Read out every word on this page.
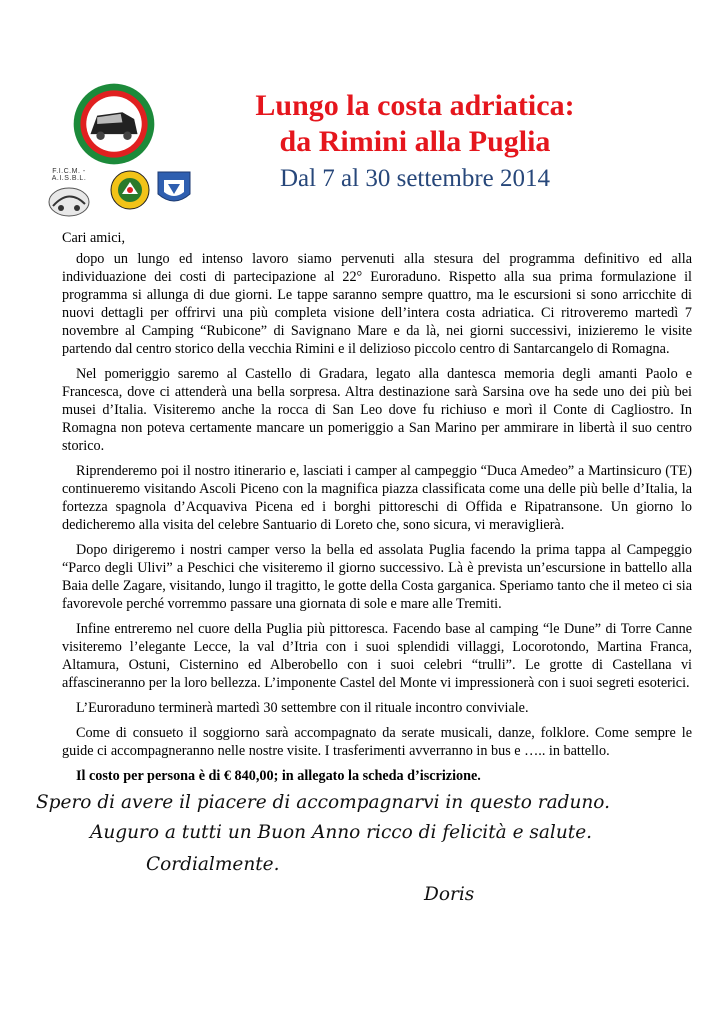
F.I.C.M. - A.I.S.B.L.
Lungo la costa adriatica:
da Rimini alla Puglia
Dal 7 al 30 settembre 2014

Cari amici,

dopo un lungo ed intenso lavoro siamo pervenuti alla stesura del programma definitivo ed alla individuazione dei costi di partecipazione al 22° Euroraduno. Rispetto alla sua prima formulazione il programma si allunga di due giorni. Le tappe saranno sempre quattro, ma le escursioni si sono arricchite di nuovi dettagli per offrirvi una più completa visione dell’intera costa adriatica. Ci ritroveremo martedì 7 novembre al Camping “Rubicone” di Savignano Mare e da là, nei giorni successivi, inizieremo le visite partendo dal centro storico della vecchia Rimini e il delizioso piccolo centro di Santarcangelo di Romagna.

Nel pomeriggio saremo al Castello di Gradara, legato alla dantesca memoria degli amanti Paolo e Francesca, dove ci attenderà una bella sorpresa. Altra destinazione sarà Sarsina ove ha sede uno dei più bei musei d’Italia. Visiteremo anche la rocca di San Leo dove fu richiuso e morì il Conte di Cagliostro. In Romagna non poteva certamente mancare un pomeriggio a San Marino per ammirare in libertà il suo centro storico.

Riprenderemo poi il nostro itinerario e, lasciati i camper al campeggio “Duca Amedeo” a Martinsicuro (TE) continueremo visitando Ascoli Piceno con la magnifica piazza classificata come una delle più belle d’Italia, la fortezza spagnola d’Acquaviva Picena ed i borghi pittoreschi di Offida e Ripatransone. Un giorno lo dedicheremo alla visita del celebre Santuario di Loreto che, sono sicura, vi meraviglierà.

Dopo dirigeremo i nostri camper verso la bella ed assolata Puglia facendo la prima tappa al Campeggio “Parco degli Ulivi” a Peschici che visiteremo il giorno successivo. Là è prevista un’escursione in battello alla Baia delle Zagare, visitando, lungo il tragitto, le gotte della Costa garganica. Speriamo tanto che il meteo ci sia favorevole perché vorremmo passare una giornata di sole e mare alle Tremiti.

Infine entreremo nel cuore della Puglia più pittoresca. Facendo base al camping “le Dune” di Torre Canne visiteremo l’elegante Lecce, la val d’Itria con i suoi splendidi villaggi, Locorotondo, Martina Franca, Altamura, Ostuni, Cisternino ed Alberobello con i suoi celebri “trulli”. Le grotte di Castellana vi affascineranno per la loro bellezza. L’imponente Castel del Monte vi impressionerà con i suoi segreti esoterici.

L’Euroraduno terminerà martedì 30 settembre con il rituale incontro conviviale.

Come di consueto il soggiorno sarà accompagnato da serate musicali, danze, folklore. Come sempre le guide ci accompagneranno nelle nostre visite. I trasferimenti avverranno in bus e ….. in battello.

Il costo per persona è di € 840,00; in allegato la scheda d’iscrizione.

Spero di avere il piacere di accompagnarvi in questo raduno.
Auguro a tutti un Buon Anno ricco di felicità e salute.
Cordialmente.
Doris
